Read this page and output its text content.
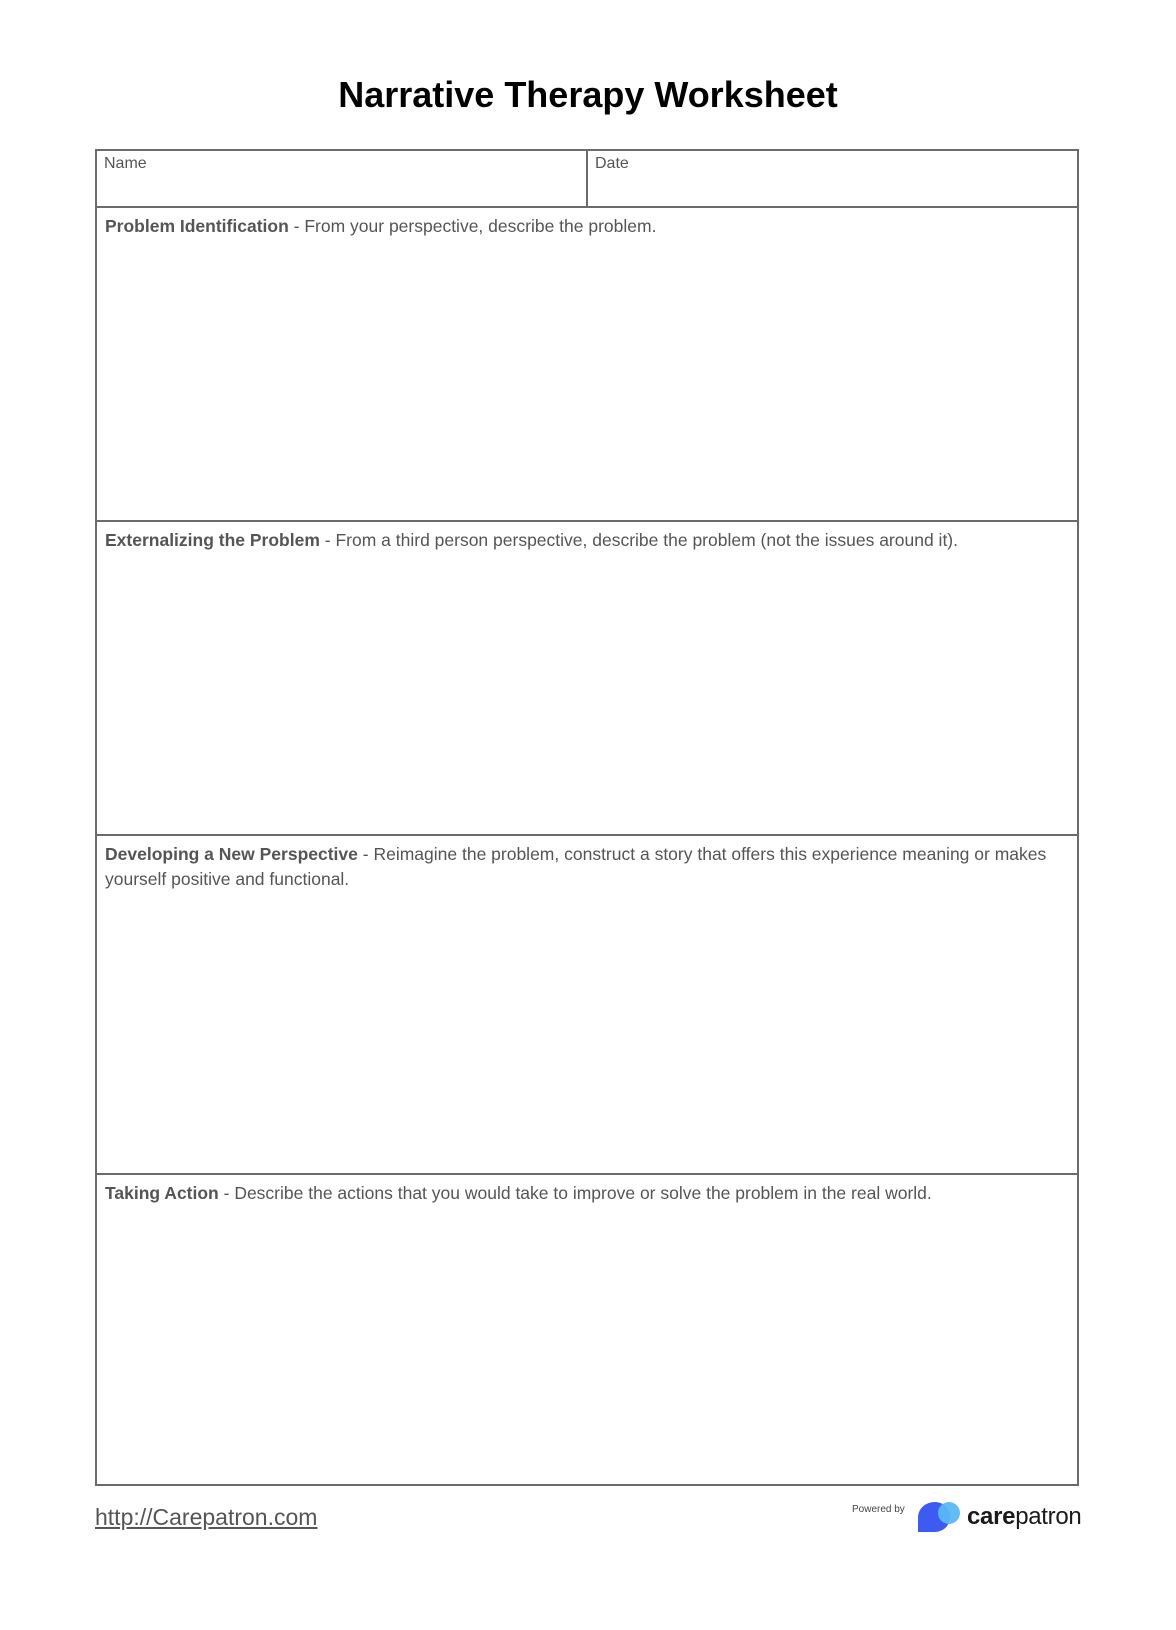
Narrative Therapy Worksheet
Name	Date
Problem Identification - From your perspective, describe the problem.
Externalizing the Problem - From a third person perspective, describe the problem (not the issues around it).
Developing a New Perspective - Reimagine the problem, construct a story that offers this experience meaning or makes yourself positive and functional.
Taking Action - Describe the actions that you would take to improve or solve the problem in the real world.
http://Carepatron.com	Powered by	carepatron
